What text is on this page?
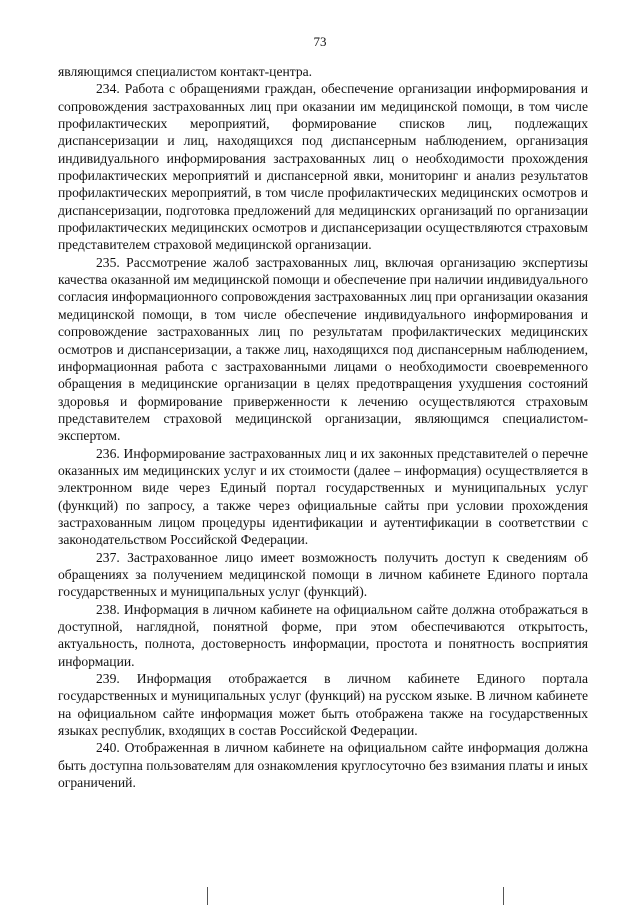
73

являющимся специалистом контакт-центра.

234. Работа с обращениями граждан, обеспечение организации информирования и сопровождения застрахованных лиц при оказании им медицинской помощи, в том числе профилактических мероприятий, формирование списков лиц, подлежащих диспансеризации и лиц, находящихся под диспансерным наблюдением, организация индивидуального информирования застрахованных лиц о необходимости прохождения профилактических мероприятий и диспансерной явки, мониторинг и анализ результатов профилактических мероприятий, в том числе профилактических медицинских осмотров и диспансеризации, подготовка предложений для медицинских организаций по организации профилактических медицинских осмотров и диспансеризации осуществляются страховым представителем страховой медицинской организации.

235. Рассмотрение жалоб застрахованных лиц, включая организацию экспертизы качества оказанной им медицинской помощи и обеспечение при наличии индивидуального согласия информационного сопровождения застрахованных лиц при организации оказания медицинской помощи, в том числе обеспечение индивидуального информирования и сопровождение застрахованных лиц по результатам профилактических медицинских осмотров и диспансеризации, а также лиц, находящихся под диспансерным наблюдением, информационная работа с застрахованными лицами о необходимости своевременного обращения в медицинские организации в целях предотвращения ухудшения состояний здоровья и формирование приверженности к лечению осуществляются страховым представителем страховой медицинской организации, являющимся специалистом-экспертом.

236. Информирование застрахованных лиц и их законных представителей о перечне оказанных им медицинских услуг и их стоимости (далее – информация) осуществляется в электронном виде через Единый портал государственных и муниципальных услуг (функций) по запросу, а также через официальные сайты при условии прохождения застрахованным лицом процедуры идентификации и аутентификации в соответствии с законодательством Российской Федерации.

237. Застрахованное лицо имеет возможность получить доступ к сведениям об обращениях за получением медицинской помощи в личном кабинете Единого портала государственных и муниципальных услуг (функций).

238. Информация в личном кабинете на официальном сайте должна отображаться в доступной, наглядной, понятной форме, при этом обеспечиваются открытость, актуальность, полнота, достоверность информации, простота и понятность восприятия информации.

239. Информация отображается в личном кабинете Единого портала государственных и муниципальных услуг (функций) на русском языке. В личном кабинете на официальном сайте информация может быть отображена также на государственных языках республик, входящих в состав Российской Федерации.

240. Отображенная в личном кабинете на официальном сайте информация должна быть доступна пользователям для ознакомления круглосуточно без взимания платы и иных ограничений.
